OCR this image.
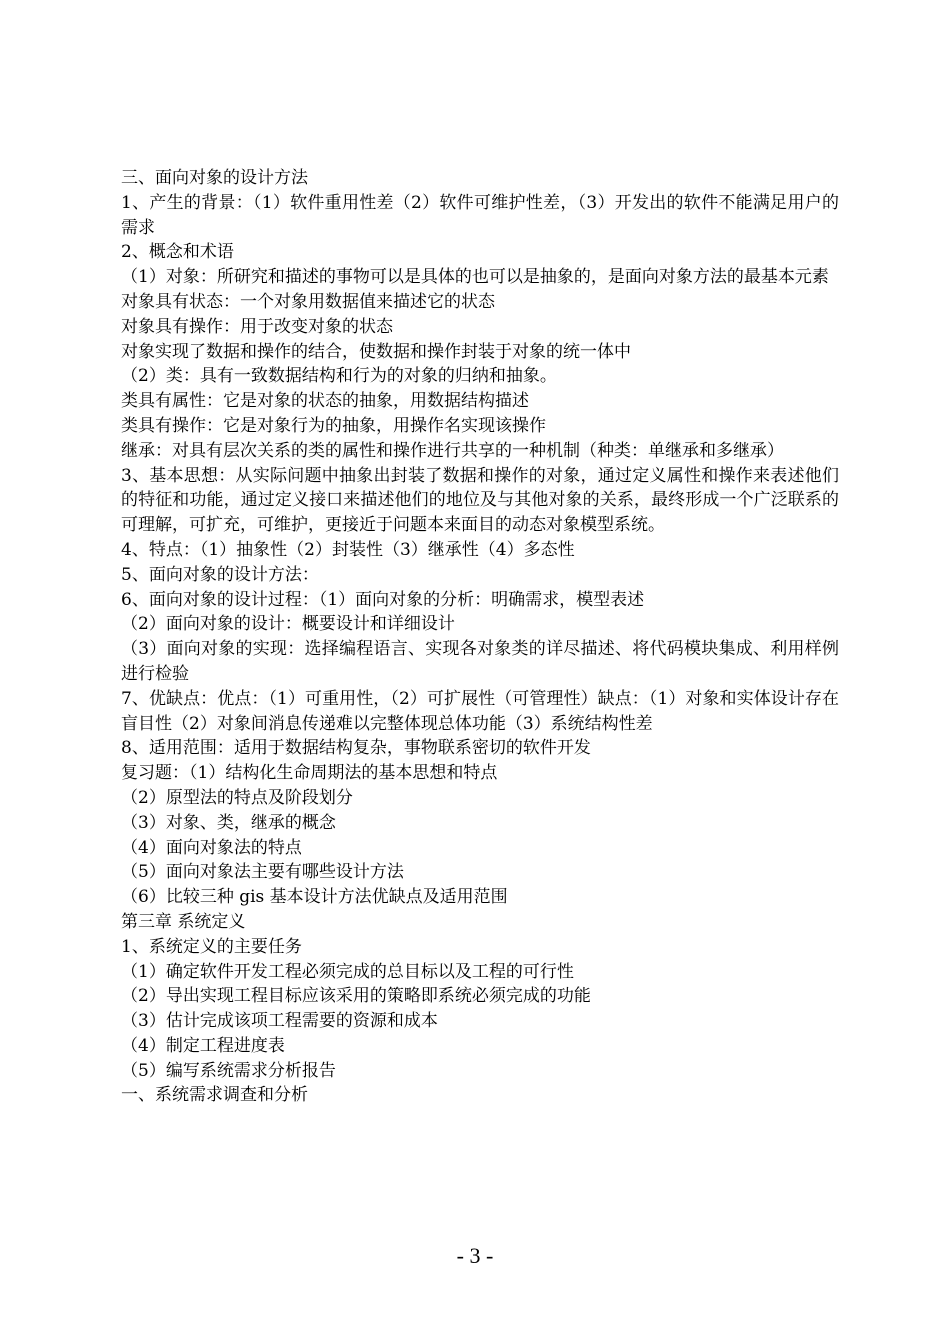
三、面向对象的设计方法

1、产生的背景：（1）软件重用性差（2）软件可维护性差，（3）开发出的软件不能满足用户的需求

2、概念和术语

（1）对象：所研究和描述的事物可以是具体的也可以是抽象的，是面向对象方法的最基本元素

对象具有状态：一个对象用数据值来描述它的状态

对象具有操作：用于改变对象的状态

对象实现了数据和操作的结合，使数据和操作封装于对象的统一体中

（2）类：具有一致数据结构和行为的对象的归纳和抽象。

类具有属性：它是对象的状态的抽象，用数据结构描述

类具有操作：它是对象行为的抽象，用操作名实现该操作

继承：对具有层次关系的类的属性和操作进行共享的一种机制（种类：单继承和多继承）

3、基本思想：从实际问题中抽象出封装了数据和操作的对象，通过定义属性和操作来表述他们的特征和功能，通过定义接口来描述他们的地位及与其他对象的关系，最终形成一个广泛联系的可理解，可扩充，可维护，更接近于问题本来面目的动态对象模型系统。

4、特点：（1）抽象性（2）封装性（3）继承性（4）多态性

5、面向对象的设计方法：

6、面向对象的设计过程：（1）面向对象的分析：明确需求，模型表述

（2）面向对象的设计：概要设计和详细设计

（3）面向对象的实现：选择编程语言、实现各对象类的详尽描述、将代码模块集成、利用样例进行检验

7、优缺点：优点：（1）可重用性，（2）可扩展性（可管理性）缺点：（1）对象和实体设计存在盲目性（2）对象间消息传递难以完整体现总体功能（3）系统结构性差

8、适用范围：适用于数据结构复杂，事物联系密切的软件开发

复习题：（1）结构化生命周期法的基本思想和特点

（2）原型法的特点及阶段划分

（3）对象、类，继承的概念

（4）面向对象法的特点

（5）面向对象法主要有哪些设计方法

（6）比较三种 gis 基本设计方法优缺点及适用范围

第三章 系统定义

1、系统定义的主要任务

（1）确定软件开发工程必须完成的总目标以及工程的可行性

（2）导出实现工程目标应该采用的策略即系统必须完成的功能

（3）估计完成该项工程需要的资源和成本

（4）制定工程进度表

（5）编写系统需求分析报告

一、系统需求调查和分析

- 3 -
